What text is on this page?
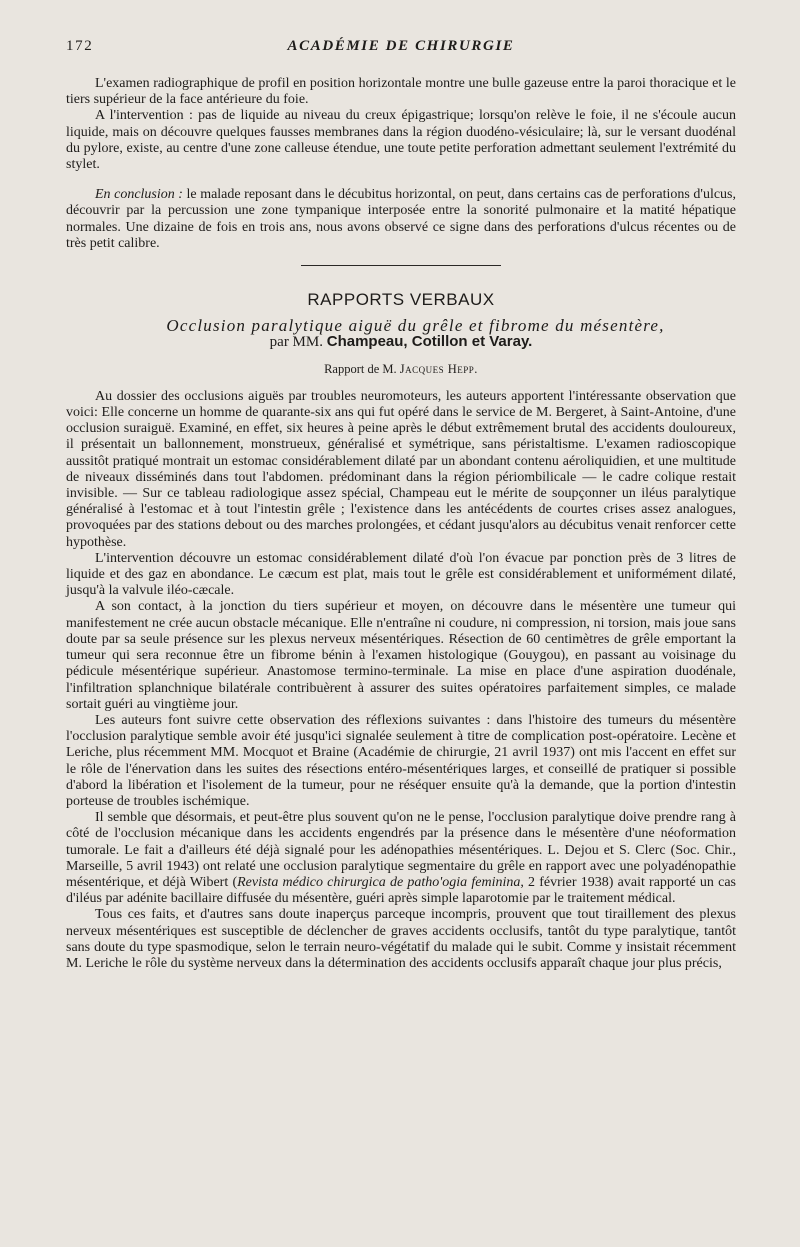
172	ACADÉMIE DE CHIRURGIE

L'examen radiographique de profil en position horizontale montre une bulle gazeuse entre la paroi thoracique et le tiers supérieur de la face antérieure du foie.

A l'intervention : pas de liquide au niveau du creux épigastrique; lorsqu'on relève le foie, il ne s'écoule aucun liquide, mais on découvre quelques fausses membranes dans la région duodéno-vésiculaire; là, sur le versant duodénal du pylore, existe, au centre d'une zone calleuse étendue, une toute petite perforation admettant seulement l'extrémité du stylet.

En conclusion : le malade reposant dans le décubitus horizontal, on peut, dans certains cas de perforations d'ulcus, découvrir par la percussion une zone tympanique interposée entre la sonorité pulmonaire et la matité hépatique normales. Une dizaine de fois en trois ans, nous avons observé ce signe dans des perforations d'ulcus récentes ou de très petit calibre.

RAPPORTS VERBAUX

Occlusion paralytique aiguë du grêle et fibrome du mésentère,

par MM. Champeau, Cotillon et Varay.
Rapport de M. Jacques Hepp.

Au dossier des occlusions aiguës par troubles neuromoteurs, les auteurs apportent l'intéressante observation que voici: Elle concerne un homme de quarante-six ans qui fut opéré dans le service de M. Bergeret, à Saint-Antoine, d'une occlusion suraiguë. Examiné, en effet, six heures à peine après le début extrêmement brutal des accidents douloureux, il présentait un ballonnement, monstrueux, généralisé et symétrique, sans péristaltisme. L'examen radioscopique aussitôt pratiqué montrait un estomac considérablement dilaté par un abondant contenu aéroliquidien, et une multitude de niveaux disséminés dans tout l'abdomen. prédominant dans la région périombilicale — le cadre colique restait invisible. — Sur ce tableau radiologique assez spécial, Champeau eut le mérite de soupçonner un iléus paralytique généralisé à l'estomac et à tout l'intestin grêle ; l'existence dans les antécédents de courtes crises assez analogues, provoquées par des stations debout ou des marches prolongées, et cédant jusqu'alors au décubitus venait renforcer cette hypothèse.

L'intervention découvre un estomac considérablement dilaté d'où l'on évacue par ponction près de 3 litres de liquide et des gaz en abondance. Le cæcum est plat, mais tout le grêle est considérablement et uniformément dilaté, jusqu'à la valvule iléo-cæcale.

A son contact, à la jonction du tiers supérieur et moyen, on découvre dans le mésentère une tumeur qui manifestement ne crée aucun obstacle mécanique. Elle n'entraîne ni coudure, ni compression, ni torsion, mais joue sans doute par sa seule présence sur les plexus nerveux mésentériques. Résection de 60 centimètres de grêle emportant la tumeur qui sera reconnue être un fibrome bénin à l'examen histologique (Gouygou), en passant au voisinage du pédicule mésentérique supérieur. Anastomose termino-terminale. La mise en place d'une aspiration duodénale, l'infiltration splanchnique bilatérale contribuèrent à assurer des suites opératoires parfaitement simples, ce malade sortait guéri au vingtième jour.

Les auteurs font suivre cette observation des réflexions suivantes : dans l'histoire des tumeurs du mésentère l'occlusion paralytique semble avoir été jusqu'ici signalée seulement à titre de complication post-opératoire. Lecène et Leriche, plus récemment MM. Mocquot et Braine (Académie de chirurgie, 21 avril 1937) ont mis l'accent en effet sur le rôle de l'énervation dans les suites des résections entéro-mésentériques larges, et conseillé de pratiquer si possible d'abord la libération et l'isolement de la tumeur, pour ne réséquer ensuite qu'à la demande, que la portion d'intestin porteuse de troubles ischémique.

Il semble que désormais, et peut-être plus souvent qu'on ne le pense, l'occlusion paralytique doive prendre rang à côté de l'occlusion mécanique dans les accidents engendrés par la présence dans le mésentère d'une néoformation tumorale. Le fait a d'ailleurs été déjà signalé pour les adénopathies mésentériques. L. Dejou et S. Clerc (Soc. Chir., Marseille, 5 avril 1943) ont relaté une occlusion paralytique segmentaire du grêle en rapport avec une polyadénopathie mésentérique, et déjà Wibert (Revista médico chirurgica de patho'ogia feminina, 2 février 1938) avait rapporté un cas d'iléus par adénite bacillaire diffusée du mésentère, guéri après simple laparotomie par le traitement médical.

Tous ces faits, et d'autres sans doute inaperçus parceque incompris, prouvent que tout tiraillement des plexus nerveux mésentériques est susceptible de déclencher de graves accidents occlusifs, tantôt du type paralytique, tantôt sans doute du type spasmodique, selon le terrain neuro-végétatif du malade qui le subit. Comme y insistait récemment M. Leriche le rôle du système nerveux dans la détermination des accidents occlusifs apparaît chaque jour plus précis,
